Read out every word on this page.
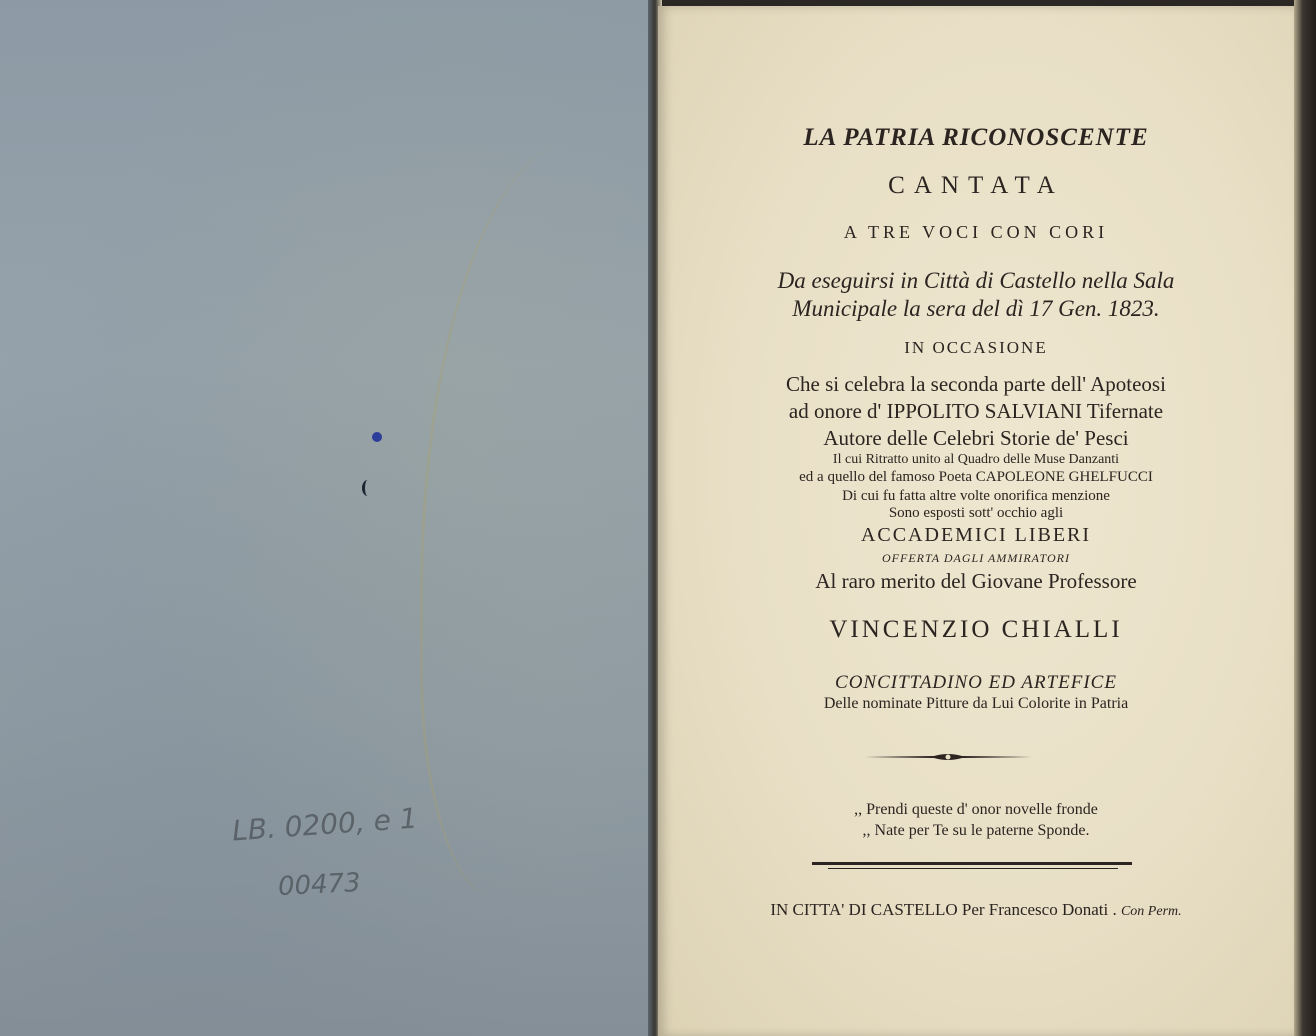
LB. 0200, e 1
00473
LA PATRIA RICONOSCENTE
CANTATA
A TRE VOCI CON CORI
Da eseguirsi in Città di Castello nella Sala
Municipale la sera del dì 17 Gen. 1823.
IN OCCASIONE
Che si celebra la seconda parte dell' Apoteosi
ad onore d' IPPOLITO SALVIANI Tifernate
Autore delle Celebri Storie de' Pesci
Il cui Ritratto unito al Quadro delle Muse Danzanti
ed a quello del famoso Poeta CAPOLEONE GHELFUCCI
Di cui fu fatta altre volte onorifica menzione
Sono esposti sott' occhio agli
ACCADEMICI LIBERI
OFFERTA DAGLI AMMIRATORI
Al raro merito del Giovane Professore
VINCENZIO CHIALLI
CONCITTADINO ED ARTEFICE
Delle nominate Pitture da Lui Colorite in Patria
,, Prendi queste d' onor novelle fronde
,, Nate per Te su le paterne Sponde.
IN CITTA' DI CASTELLO Per Francesco Donati . Con Perm.
